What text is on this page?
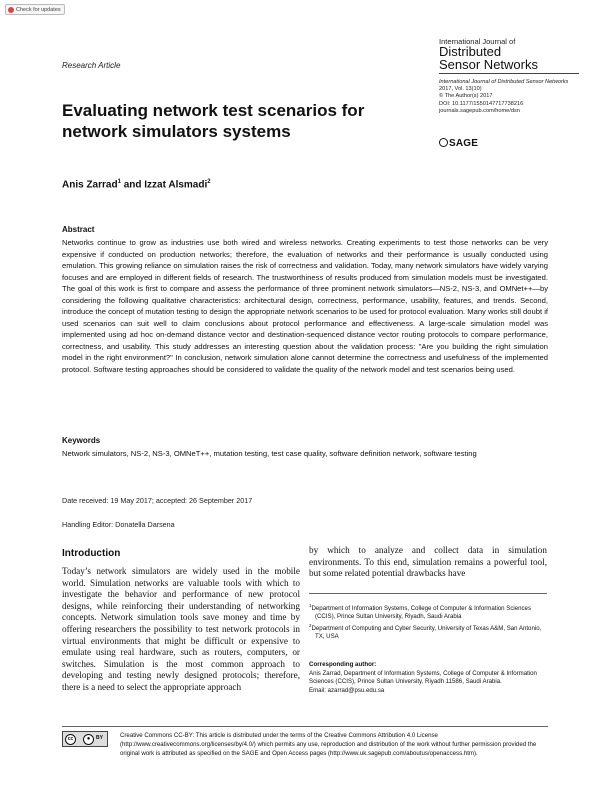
Check for updates
International Journal of
Distributed
Sensor Networks
International Journal of Distributed Sensor Networks
2017, Vol. 13(10)
© The Author(s) 2017
DOI: 10.1177/1550147717738216
journals.sagepub.com/home/dsn
SAGE
Research Article
Evaluating network test scenarios for network simulators systems
Anis Zarrad$^1$ and Izzat Alsmadi$^2$
Abstract
Networks continue to grow as industries use both wired and wireless networks. Creating experiments to test those networks can be very expensive if conducted on production networks; therefore, the evaluation of networks and their performance is usually conducted using emulation. This growing reliance on simulation raises the risk of correctness and validation. Today, many network simulators have widely varying focuses and are employed in different fields of research. The trustworthiness of results produced from simulation models must be investigated. The goal of this work is first to compare and assess the performance of three prominent network simulators—NS-2, NS-3, and OMNet++—by considering the following qualitative characteristics: architectural design, correctness, performance, usability, features, and trends. Second, introduce the concept of mutation testing to design the appropriate network scenarios to be used for protocol evaluation. Many works still doubt if used scenarios can suit well to claim conclusions about protocol performance and effectiveness. A large-scale simulation model was implemented using ad hoc on-demand distance vector and destination-sequenced distance vector routing protocols to compare performance, correctness, and usability. This study addresses an interesting question about the validation process: "Are you building the right simulation model in the right environment?" In conclusion, network simulation alone cannot determine the correctness and usefulness of the implemented protocol. Software testing approaches should be considered to validate the quality of the network model and test scenarios being used.
Keywords
Network simulators, NS-2, NS-3, OMNeT++, mutation testing, test case quality, software definition network, software testing
Date received: 19 May 2017; accepted: 26 September 2017
Handling Editor: Donatella Darsena
Introduction
Today’s network simulators are widely used in the mobile world. Simulation networks are valuable tools with which to investigate the behavior and performance of new protocol designs, while reinforcing their understanding of networking concepts. Network simulation tools save money and time by offering researchers the possibility to test network protocols in virtual environments that might be difficult or expensive to emulate using real hardware, such as routers, computers, or switches. Simulation is the most common approach to developing and testing newly designed protocols; therefore, there is a need to select the appropriate approach
by which to analyze and collect data in simulation environments. To this end, simulation remains a powerful tool, but some related potential drawbacks have
$^1$Department of Information Systems, College of Computer & Information Sciences (CCIS), Prince Sultan University, Riyadh, Saudi Arabia
$^2$Department of Computing and Cyber Security, University of Texas A&M, San Antonio, TX, USA
Corresponding author:
Anis Zarrad, Department of Information Systems, College of Computer & Information Sciences (CCIS), Prince Sultan University, Riyadh 11586, Saudi Arabia.
Email: azarrad@psu.edu.sa
cc	●	BY	Creative Commons CC-BY: This article is distributed under the terms of the Creative Commons Attribution 4.0 License (http://www.creativecommons.org/licenses/by/4.0/) which permits any use, reproduction and distribution of the work without further permission provided the original work is attributed as specified on the SAGE and Open Access pages (http://www.uk.sagepub.com/aboutus/openaccess.htm).
